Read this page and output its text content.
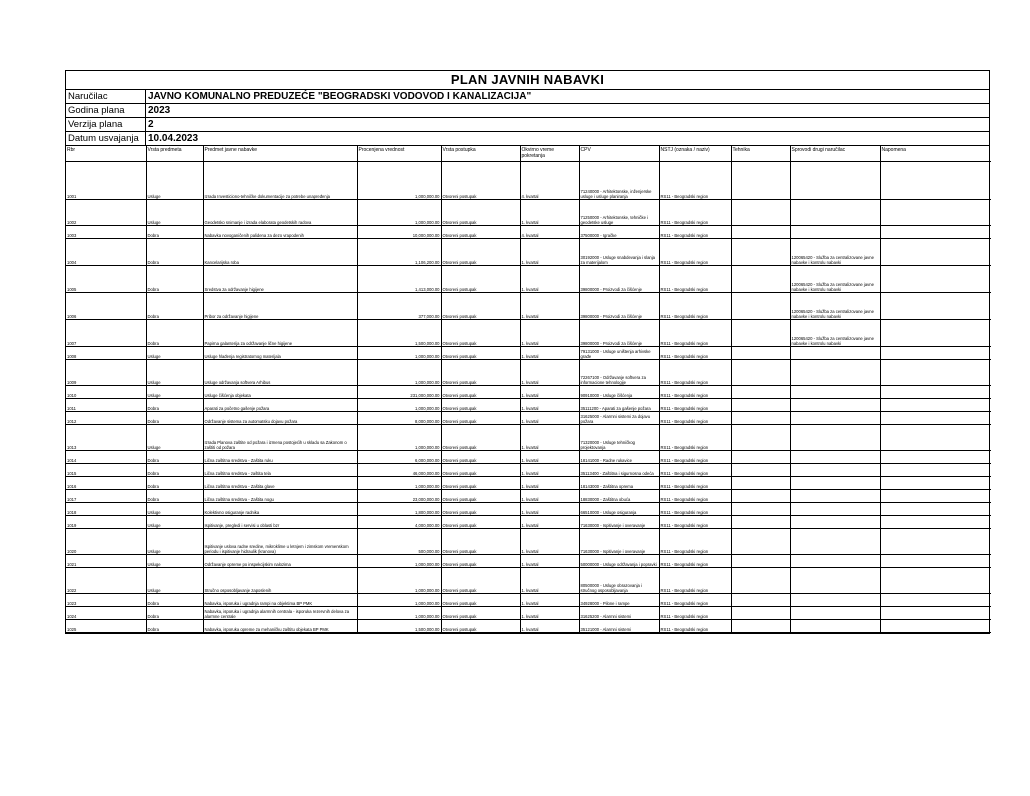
PLAN JAVNIH NABAVKI
Naručilac	JAVNO KOMUNALNO PREDUZEĆE "BEOGRADSKI VODOVOD I KANALIZACIJA"
Godina plana	2023
Verzija plana	2
Datum usvajanja 10.04.2023
Rbr	Vrsta predmeta	Predmet javne nabavke	Procenjena vrednost	Vrsta postupka	Okvirno vreme pokretanja	CPV	NSTJ (oznaka / naziv)	Tehnika	Sprovodi drugi naručilac	Napomena
1001	Usluge	Izrada Investiciono-tehničke dokumentacije za potrebe unapređenja	1,000,000.00	Otvoreni postupak	4. kvartal	71240000 - Arhitektonske, inženjerske usluge i usluge planiranja	RS11 - Beogradski region			
1002	Usluge	Geodetsko snimanje i izrada elaborata geodetskih radova	1,000,000.00	Otvoreni postupak	1. kvartal	71250000 - Arhitektonske, tehničke i geodetske usluge	RS11 - Beogradski region			
1003	Dobra	Nabavka novoganičenih palidena za dezo vrapodenih	10,000,000.00	Otvoreni postupak	4. kvartal	37500000 - Igračke	RS11 - Beogradski region			
1004	Dobra	Kancelarijska roba	1,106,200.00	Otvoreni postupak	1. kvartal	30192000 - Usluge snabdevanja i slanja za materijalom	RS11 - Beogradski region		120065420 - Služba za centralizovane javne nabavke i kontrolu nabavki	
1005	Dobra	Sredstva za održavanje higijene	1,413,000.00	Otvoreni postupak	1. kvartal	39800000 - Proizvodi za čišćenje	RS11 - Beogradski region		120065420 - Služba za centralizovane javne nabavke i kontrolu nabavki	
1006	Dobra	Pribor za održavanje higijene	377,000.00	Otvoreni postupak	1. kvartal	39800000 - Proizvodi za čišćenje	RS11 - Beogradski region		120065420 - Služba za centralizovane javne nabavke i kontrolu nabavki	
1007	Dobra	Papirna galanterija za održavanje lične higijene	1,500,000.00	Otvoreni postupak	1. kvartal	39800000 - Proizvodi za čišćenje	RS11 - Beogradski region		120065420 - Služba za centralizovane javne nabavke i kontrolu nabavki	
1008	Usluge	Usluge hlađenja registratornog materijala	1,000,000.00	Otvoreni postupak	1. kvartal	79131000 - Usluge uništenja arhivske građe	RS11 - Beogradski region			
1009	Usluge	Usluge održavanja softvera Arhibus	1,000,000.00	Otvoreni postupak	1. kvartal	72267100 - Održavanje softvera za informacione tehnologije	RS11 - Beogradski region			
1010	Usluge	Usluge čišćenja objekata	231,000,000.00	Otvoreni postupak	1. kvartal	90910000 - Usluge čišćenja	RS11 - Beogradski region			
1011	Dobra	Aparati za početno gašenje požara	1,000,000.00	Otvoreni postupak	1. kvartal	35111200 - Aparati za gašenje požara	RS11 - Beogradski region			
1012	Dobra	Održavanje sistema za automatsku dojavu požara	8,000,000.00	Otvoreni postupak	1. kvartal	31625000 - Alarmni sistemi za dojavu požara	RS11 - Beogradski region			
1013	Usluge	Izrada Planova zaštite od požara i izmena postojećih u skladu sa Zakonom o zaštiti od požara	1,000,000.00	Otvoreni postupak	1. kvartal	71320000 - Usluge tehničkog projektovanja	RS11 - Beogradski region			
1014	Dobra	Lična zaštitna sredstva - Zaštita ruku	6,000,000.00	Otvoreni postupak	1. kvartal	18141000 - Radne rukavice	RS11 - Beogradski region			
1015	Dobra	Lična zaštitna sredstva - zaštita tela	46,000,000.00	Otvoreni postupak	1. kvartal	35113400 - Zaštitna i sigurnosna odeća	RS11 - Beogradski region			
1016	Dobra	Lična zaštitna sredstva - Zaštita glave	1,000,000.00	Otvoreni postupak	1. kvartal	18143000 - Zaštitna oprema	RS11 - Beogradski region			
1017	Dobra	Lična zaštitna sredstva - Zaštita nogu	23,000,000.00	Otvoreni postupak	1. kvartal	18830000 - Zaštitna obuća	RS11 - Beogradski region			
1018	Usluge	Kolektivno osiguranje radnika	1,800,000.00	Otvoreni postupak	1. kvartal	66510000 - Usluge osiguranja	RS11 - Beogradski region			
1019	Usluge	Ispitivanje, pregledi i servisi u oblasti bzr	4,000,000.00	Otvoreni postupak	1. kvartal	71630000 - Ispitivanje i overavanje	RS11 - Beogradski region			
1020	Usluge	Ispitivanje uslova radne sredine, mikroklime u letnjem i zimskom vremenskom periodu i ispitivanje hidraulik (kranova)	500,000.00	Otvoreni postupak	1. kvartal	71630000 - Ispitivanje i overavanje	RS11 - Beogradski region			
1021	Usluge	Održavanje opreme po inspekcijskim nalozima	1,000,000.00	Otvoreni postupak	1. kvartal	50000000 - Usluge održavanja i popravki	RS11 - Beogradski region			
1022	Usluge	Stručno osposobljavanje zaposlenih	1,000,000.00	Otvoreni postupak	1. kvartal	80500000 - Usluge obrazovanja i stručnog osposobljavanja	RS11 - Beogradski region			
1023	Dobra	Nabavka, isporuka i ugradnja rampi na objektima BP PMK	1,000,000.00	Otvoreni postupak	1. kvartal	34928000 - Pilone i rampe	RS11 - Beogradski region			
1024	Dobra	Nabavka, isporuka i ugradnja alarmnih centrala - isporuka rezervnih delova za alarmne centrale	1,000,000.00	Otvoreni postupak	1. kvartal	31625200 - Alarmni sistemi	RS11 - Beogradski region			
1025	Dobra	Nabavka, isporuka opreme za mehaničku zaštitu objekata BP PMK	1,500,000.00	Otvoreni postupak	1. kvartal	35121000 - Alarmni sistemi	RS11 - Beogradski region			
